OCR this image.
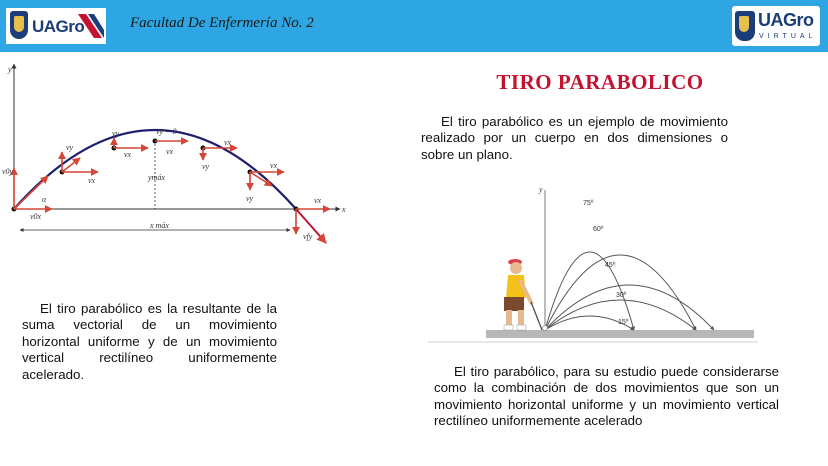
UAGro	Facultad De Enfermería No. 2	UAGro
VIRTUAL
TIRO PARABOLICO
El tiro parabólico es un ejemplo de movimiento realizado por un cuerpo en dos dimensiones o sobre un plano.
El tiro parabólico es la resultante de la suma vectorial de un movimiento horizontal uniforme y de un movimiento vertical rectilíneo uniformemente acelerado.	El tiro parabólico, para su estudio puede considerarse como la combinación de dos movimientos que son un movimiento horizontal uniforme y un movimiento vertical rectilíneo uniformemente acelerado
y
x
v0y
α
v0x
vy
vx
vy
vx
vy = 0
vx
vx
vy	vx
vy
ymáx
x máx
vx
vfy
y
75º
60º
45º
30º
15º
